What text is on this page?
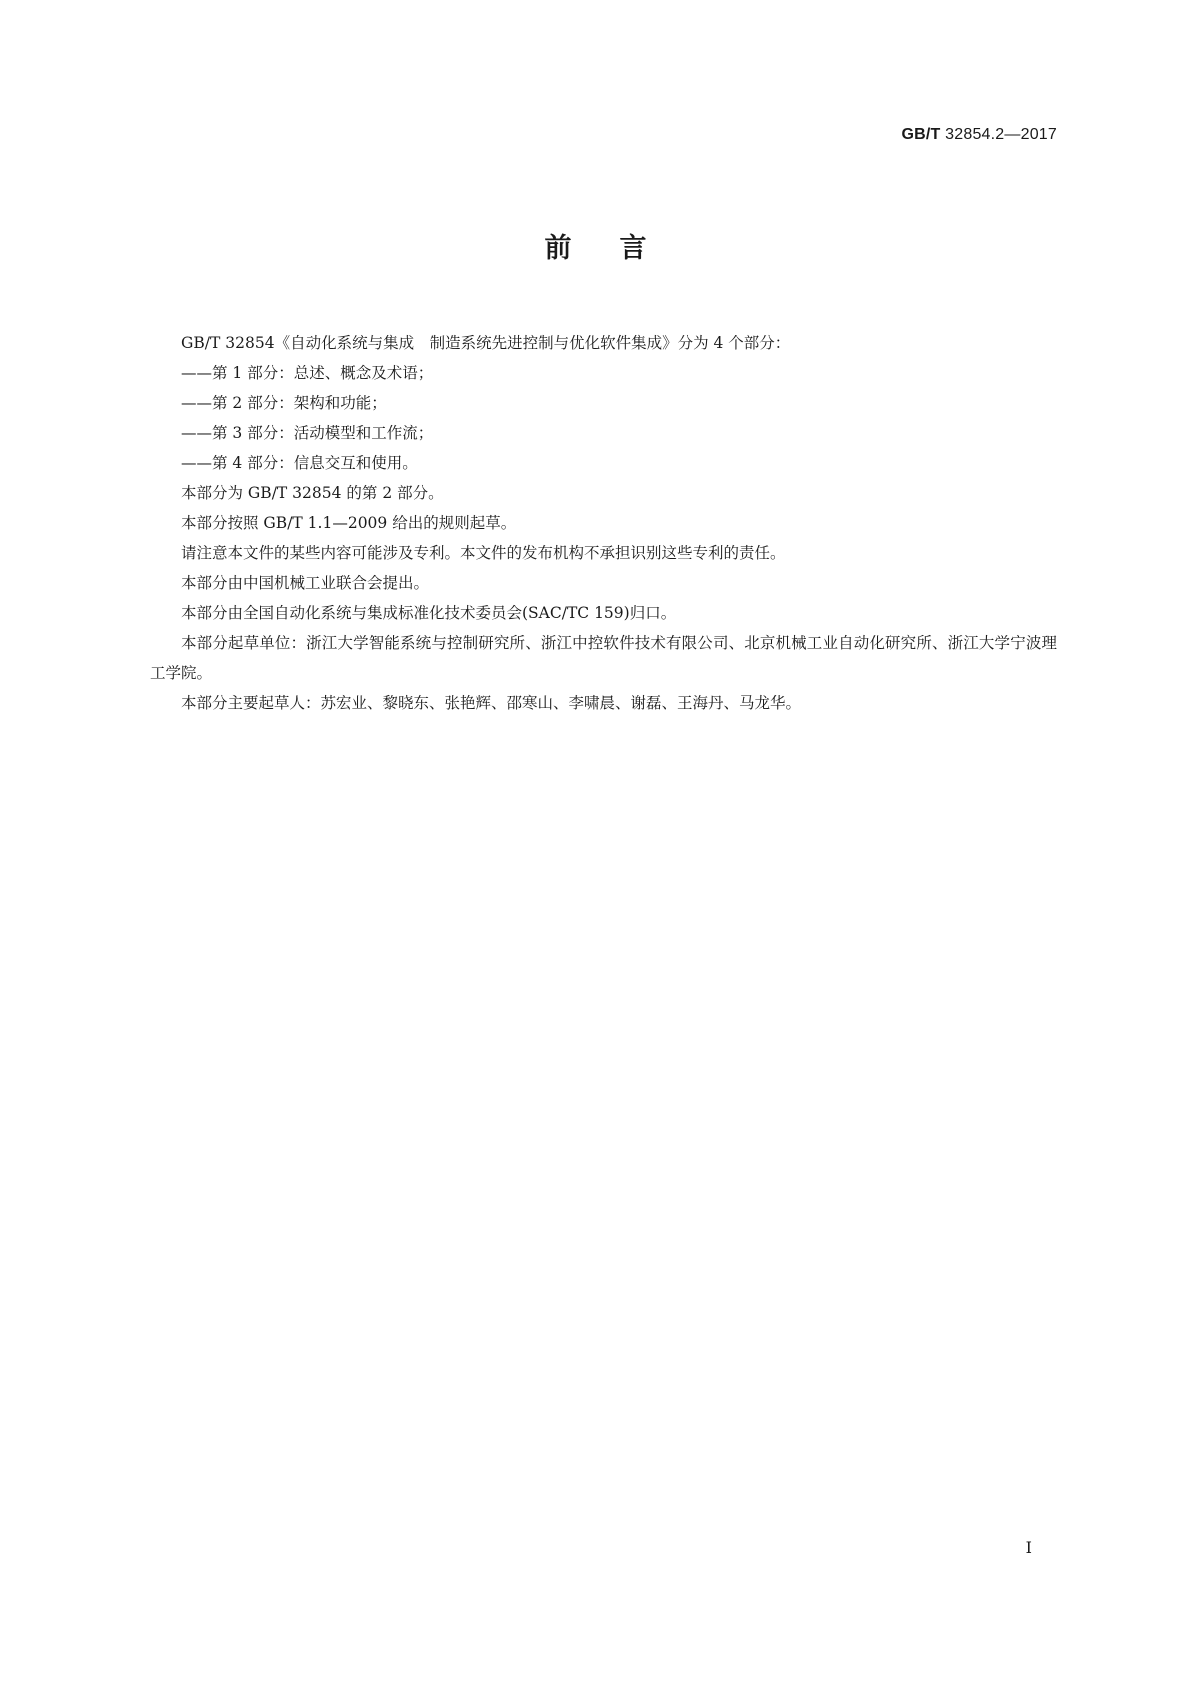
GB/T 32854.2—2017
前 言

GB/T 32854《自动化系统与集成　制造系统先进控制与优化软件集成》分为 4 个部分：

——第 1 部分：总述、概念及术语；

——第 2 部分：架构和功能；

——第 3 部分：活动模型和工作流；

——第 4 部分：信息交互和使用。

本部分为 GB/T 32854 的第 2 部分。

本部分按照 GB/T 1.1—2009 给出的规则起草。

请注意本文件的某些内容可能涉及专利。本文件的发布机构不承担识别这些专利的责任。

本部分由中国机械工业联合会提出。

本部分由全国自动化系统与集成标准化技术委员会(SAC/TC 159)归口。

本部分起草单位：浙江大学智能系统与控制研究所、浙江中控软件技术有限公司、北京机械工业自动化研究所、浙江大学宁波理工学院。

本部分主要起草人：苏宏业、黎晓东、张艳辉、邵寒山、李啸晨、谢磊、王海丹、马龙华。

I
